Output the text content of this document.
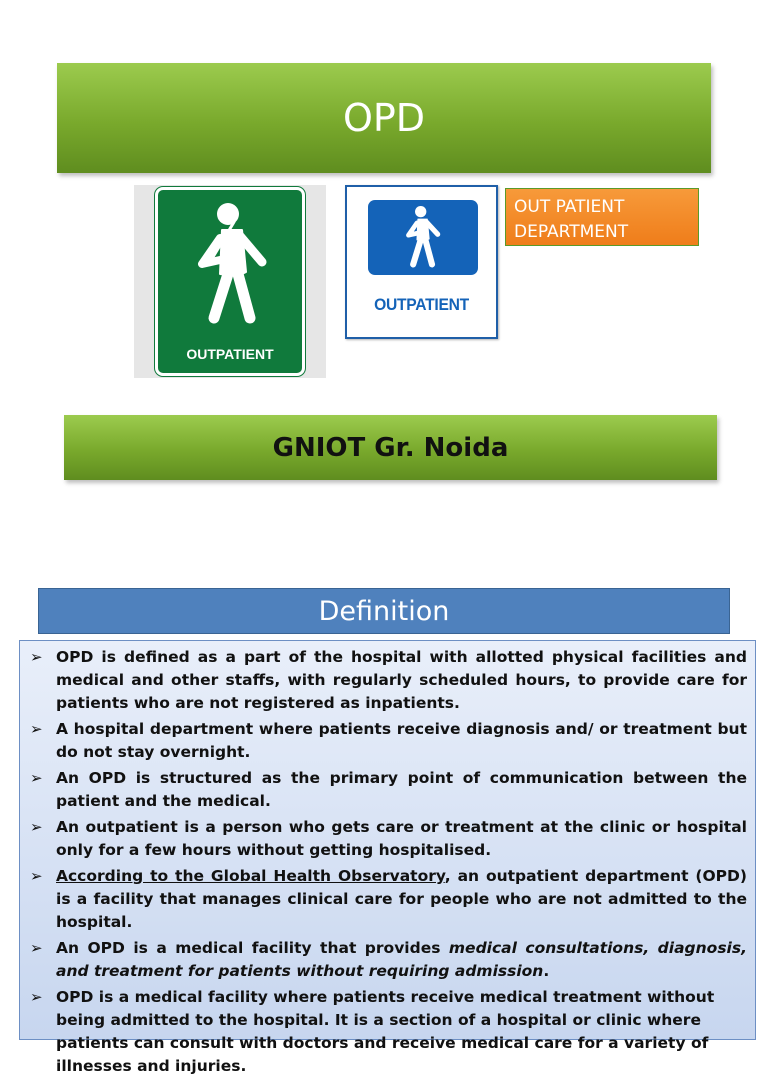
OPD
OUTPATIENT
OUTPATIENT
OUT PATIENT
DEPARTMENT
GNIOT Gr. Noida
Definition
➢ OPD is defined as a part of the hospital with allotted physical facilities and medical and other staffs, with regularly scheduled hours, to provide care for patients who are not registered as inpatients.
➢ A hospital department where patients receive diagnosis and/ or treatment but do not stay overnight.
➢ An OPD is structured as the primary point of communication between the patient and the medical.
➢ An outpatient is a person who gets care or treatment at the clinic or hospital only for a few hours without getting hospitalised.
➢ According to the Global Health Observatory, an outpatient department (OPD) is a facility that manages clinical care for people who are not admitted to the hospital.
➢ An OPD is a medical facility that provides medical consultations, diagnosis, and treatment for patients without requiring admission.
➢ OPD is a medical facility where patients receive medical treatment without being admitted to the hospital. It is a section of a hospital or clinic where patients can consult with doctors and receive medical care for a variety of illnesses and injuries.
